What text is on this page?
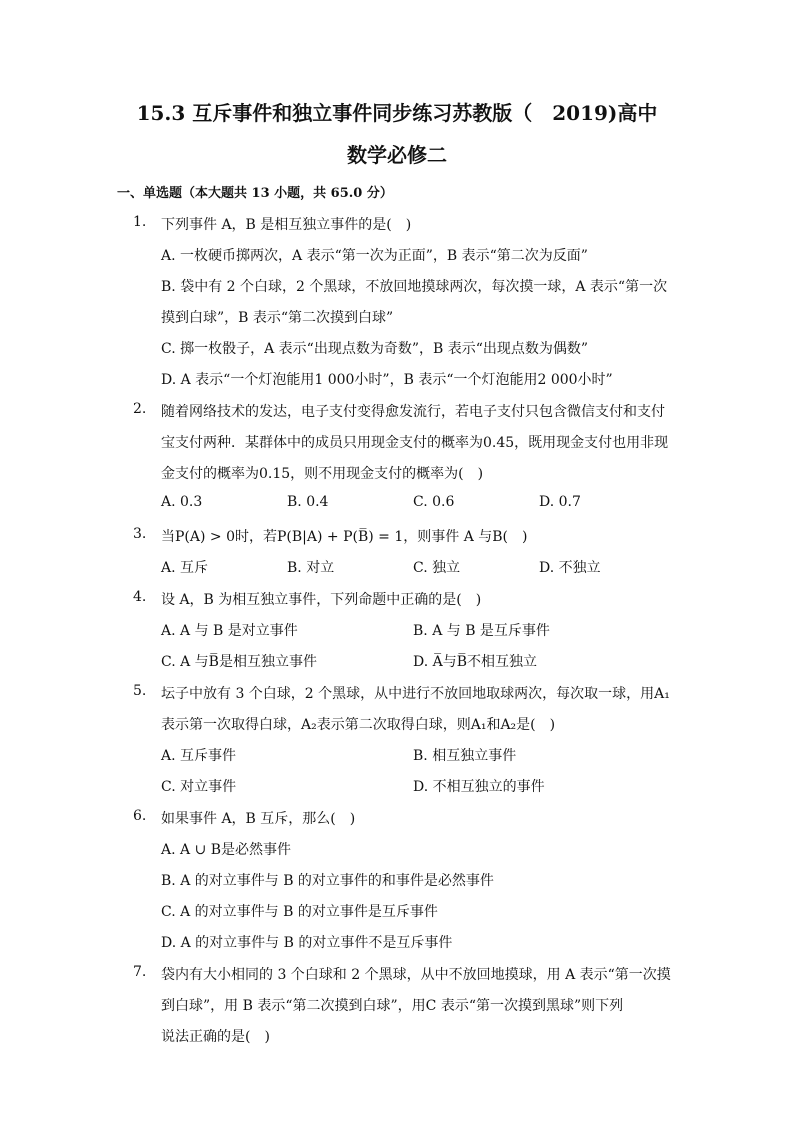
15.3 互斥事件和独立事件同步练习苏教版（　2019)高中
数学必修二
一、单选题（本大题共 13 小题，共 65.0 分）
1. 下列事件 A，B 是相互独立事件的是(　)
A. 一枚硬币掷两次，A 表示“第一次为正面”，B 表示“第二次为反面”
B. 袋中有 2 个白球，2 个黑球，不放回地摸球两次，每次摸一球，A 表示“第一次
摸到白球”，B 表示“第二次摸到白球”
C. 掷一枚骰子，A 表示“出现点数为奇数”，B 表示“出现点数为偶数”
D. A 表示“一个灯泡能用1 000小时”，B 表示“一个灯泡能用2 000小时”
2. 随着网络技术的发达，电子支付变得愈发流行，若电子支付只包含微信支付和支付
宝支付两种．某群体中的成员只用现金支付的概率为0.45，既用现金支付也用非现
金支付的概率为0.15，则不用现金支付的概率为(　)
A. 0.3	B. 0.4	C. 0.6	D. 0.7
3. 当P(A) > 0时，若P(B|A) + P(B̅) = 1，则事件 A 与B(　)
A. 互斥	B. 对立	C. 独立	D. 不独立
4. 设 A，B 为相互独立事件，下列命题中正确的是(　)
A. A 与 B 是对立事件	B. A 与 B 是互斥事件
C. A 与B̅是相互独立事件	D. A̅与B̅不相互独立
5. 坛子中放有 3 个白球，2 个黑球，从中进行不放回地取球两次，每次取一球，用A₁
表示第一次取得白球，A₂表示第二次取得白球，则A₁和A₂是(　)
A. 互斥事件	B. 相互独立事件
C. 对立事件	D. 不相互独立的事件
6. 如果事件 A，B 互斥，那么(　)
A. A ∪ B是必然事件
B. A 的对立事件与 B 的对立事件的和事件是必然事件
C. A 的对立事件与 B 的对立事件是互斥事件
D. A 的对立事件与 B 的对立事件不是互斥事件
7. 袋内有大小相同的 3 个白球和 2 个黑球，从中不放回地摸球，用 A 表示“第一次摸
到白球”，用 B 表示“第二次摸到白球”，用C 表示“第一次摸到黑球”则下列
说法正确的是(　)
